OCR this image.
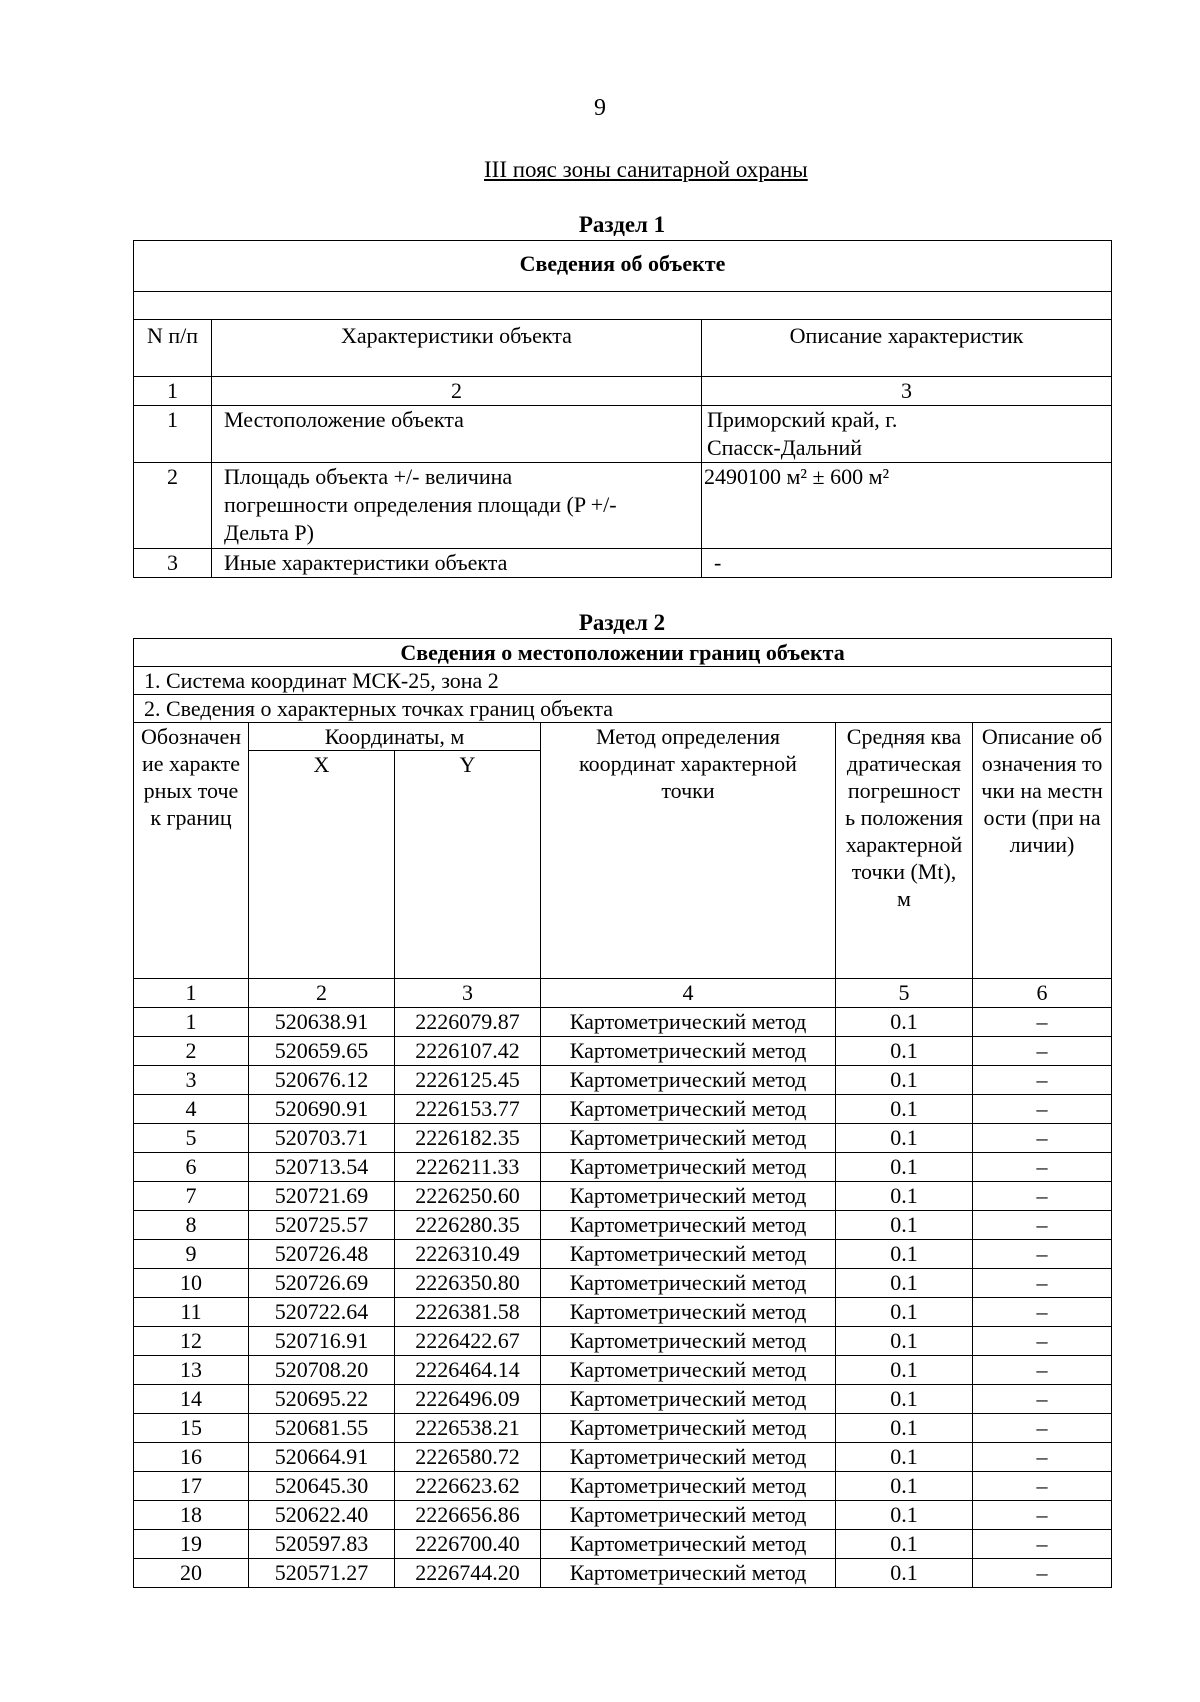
9
III пояс зоны санитарной охраны
Раздел 1
Сведения об объекте		

N п/п	Характеристики объекта	Описание характеристик
1	2	3
1	Местоположение объекта	Приморский край, г. Спасск-Дальний
2	Площадь объекта +/- величина погрешности определения площади (P +/- Дельта P)	2490100 м² ± 600 м²
3	Иные характеристики объекта	-
Раздел 2
Сведения о местоположении границ объекта					
1. Система координат МСК-25, зона 2					
2. Сведения о характерных точках границ объекта					
Обозначение характерных точек границ	Координаты, м		Метод определения координат характерной точки	Средняя квадратическая погрешность положения характерной точки (Mt), м	Описание обозначения точки на местности (при наличии)
	X	Y			
1	2	3	4	5	6
1	520638.91	2226079.87	Картометрический метод	0.1	–
2	520659.65	2226107.42	Картометрический метод	0.1	–
3	520676.12	2226125.45	Картометрический метод	0.1	–
4	520690.91	2226153.77	Картометрический метод	0.1	–
5	520703.71	2226182.35	Картометрический метод	0.1	–
6	520713.54	2226211.33	Картометрический метод	0.1	–
7	520721.69	2226250.60	Картометрический метод	0.1	–
8	520725.57	2226280.35	Картометрический метод	0.1	–
9	520726.48	2226310.49	Картометрический метод	0.1	–
10	520726.69	2226350.80	Картометрический метод	0.1	–
11	520722.64	2226381.58	Картометрический метод	0.1	–
12	520716.91	2226422.67	Картометрический метод	0.1	–
13	520708.20	2226464.14	Картометрический метод	0.1	–
14	520695.22	2226496.09	Картометрический метод	0.1	–
15	520681.55	2226538.21	Картометрический метод	0.1	–
16	520664.91	2226580.72	Картометрический метод	0.1	–
17	520645.30	2226623.62	Картометрический метод	0.1	–
18	520622.40	2226656.86	Картометрический метод	0.1	–
19	520597.83	2226700.40	Картометрический метод	0.1	–
20	520571.27	2226744.20	Картометрический метод	0.1	–
